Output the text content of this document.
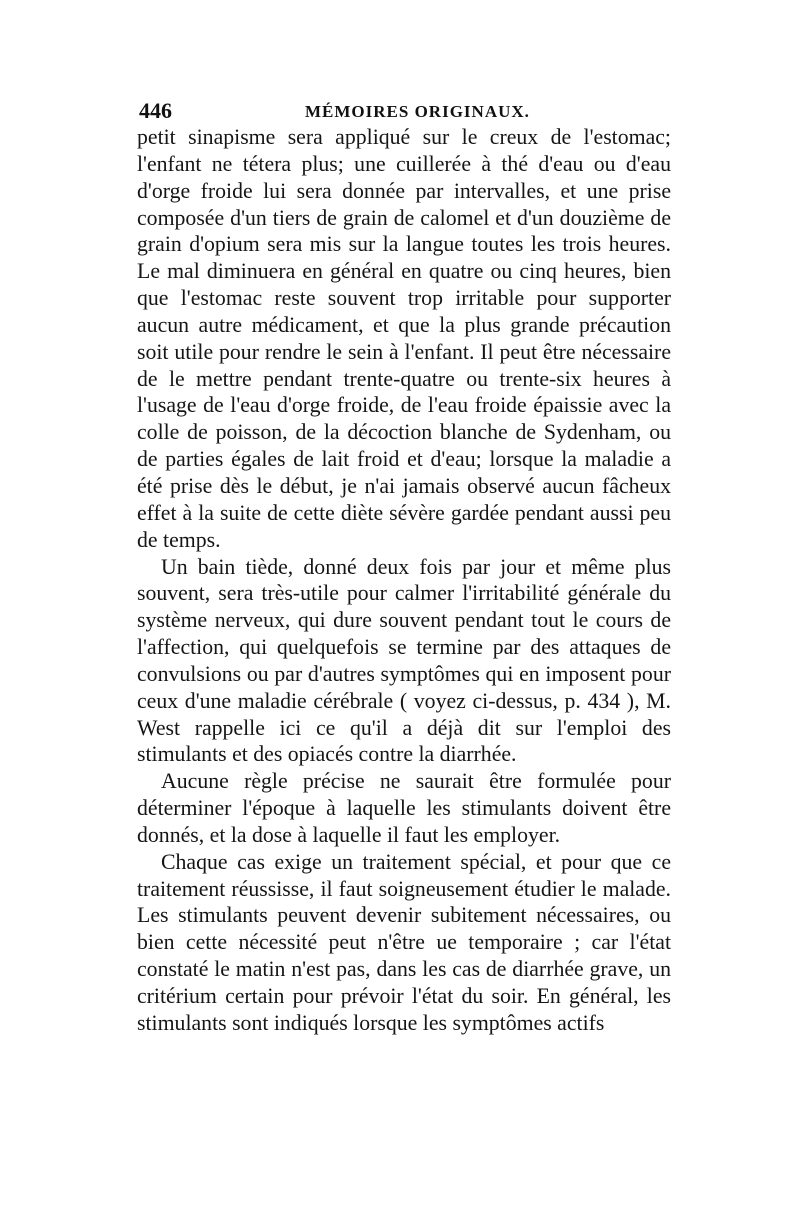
446	MÉMOIRES ORIGINAUX.

petit sinapisme sera appliqué sur le creux de l'estomac; l'enfant ne tétera plus; une cuillerée à thé d'eau ou d'eau d'orge froide lui sera donnée par intervalles, et une prise composée d'un tiers de grain de calomel et d'un douzième de grain d'opium sera mis sur la langue toutes les trois heures. Le mal diminuera en général en quatre ou cinq heures, bien que l'estomac reste souvent trop irritable pour supporter aucun autre médicament, et que la plus grande précaution soit utile pour rendre le sein à l'enfant. Il peut être nécessaire de le mettre pendant trente-quatre ou trente-six heures à l'usage de l'eau d'orge froide, de l'eau froide épaissie avec la colle de poisson, de la décoction blanche de Sydenham, ou de parties égales de lait froid et d'eau; lorsque la maladie a été prise dès le début, je n'ai jamais observé aucun fâcheux effet à la suite de cette diète sévère gardée pendant aussi peu de temps.

Un bain tiède, donné deux fois par jour et même plus souvent, sera très-utile pour calmer l'irritabilité générale du système nerveux, qui dure souvent pendant tout le cours de l'affection, qui quelquefois se termine par des attaques de convulsions ou par d'autres symptômes qui en imposent pour ceux d'une maladie cérébrale ( voyez ci-dessus, p. 434 ), M. West rappelle ici ce qu'il a déjà dit sur l'emploi des stimulants et des opiacés contre la diarrhée.

Aucune règle précise ne saurait être formulée pour déterminer l'époque à laquelle les stimulants doivent être donnés, et la dose à laquelle il faut les employer.

Chaque cas exige un traitement spécial, et pour que ce traitement réussisse, il faut soigneusement étudier le malade. Les stimulants peuvent devenir subitement nécessaires, ou bien cette nécessité peut n'être ue temporaire ; car l'état constaté le matin n'est pas, dans les cas de diarrhée grave, un critérium certain pour prévoir l'état du soir. En général, les stimulants sont indiqués lorsque les symptômes actifs
